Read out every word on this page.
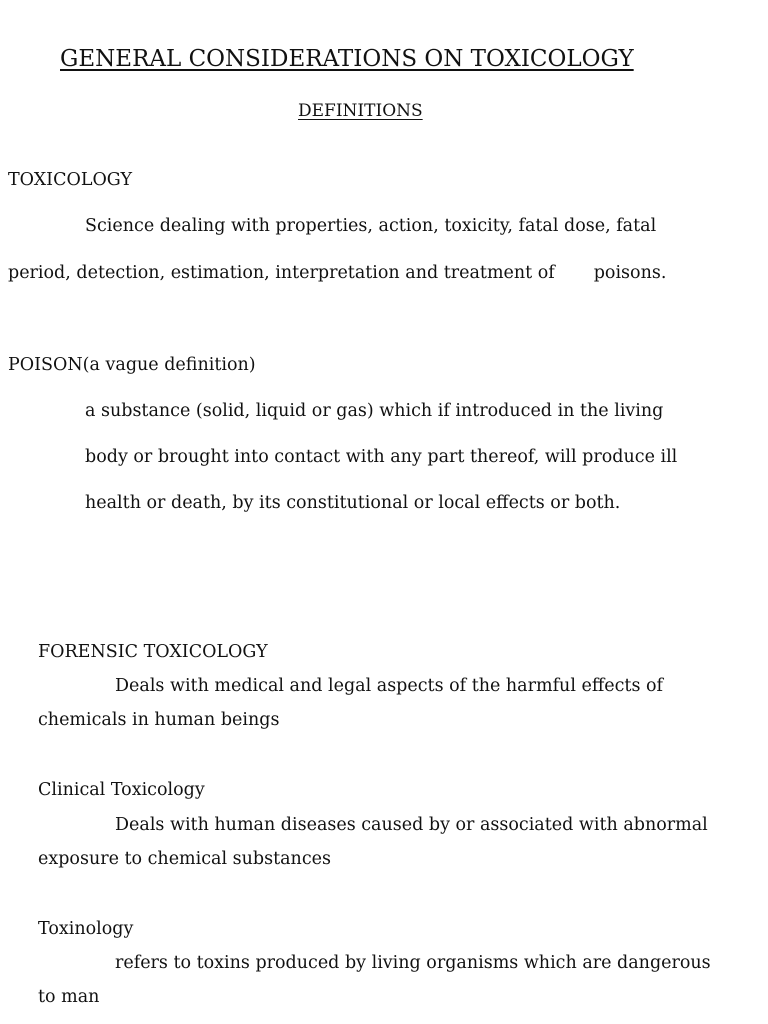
GENERAL CONSIDERATIONS ON TOXICOLOGY
DEFINITIONS
TOXICOLOGY
Science dealing with properties, action, toxicity, fatal dose, fatal
period, detection, estimation, interpretation and treatment of       poisons.
POISON(a vague definition)
a substance (solid, liquid or gas) which if introduced in the living
body or brought into contact with any part thereof, will produce ill
health or death, by its constitutional or local effects or both.
FORENSIC TOXICOLOGY
Deals with medical and legal aspects of the harmful effects of
chemicals in human beings
Clinical Toxicology
Deals with human diseases caused by or associated with abnormal
exposure to chemical substances
Toxinology
refers to toxins produced by living organisms which are dangerous
to man
